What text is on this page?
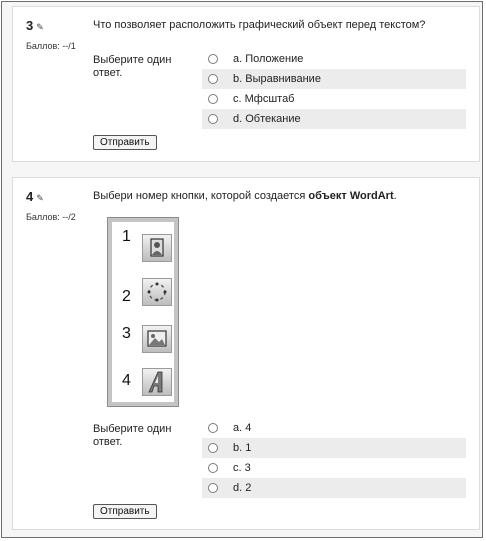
3 ✎
Баллов: --/1
Что позволяет расположить графический объект перед текстом?
Выберите один ответ.
a. Положение
b. Выравнивание
c. Мфсштаб
d. Обтекание
Отправить
4 ✎
Баллов: --/2
Выбери номер кнопки, которой создается объект WordArt.
1
2
3
4
Выберите один ответ.
a. 4
b. 1
c. 3
d. 2
Отправить
